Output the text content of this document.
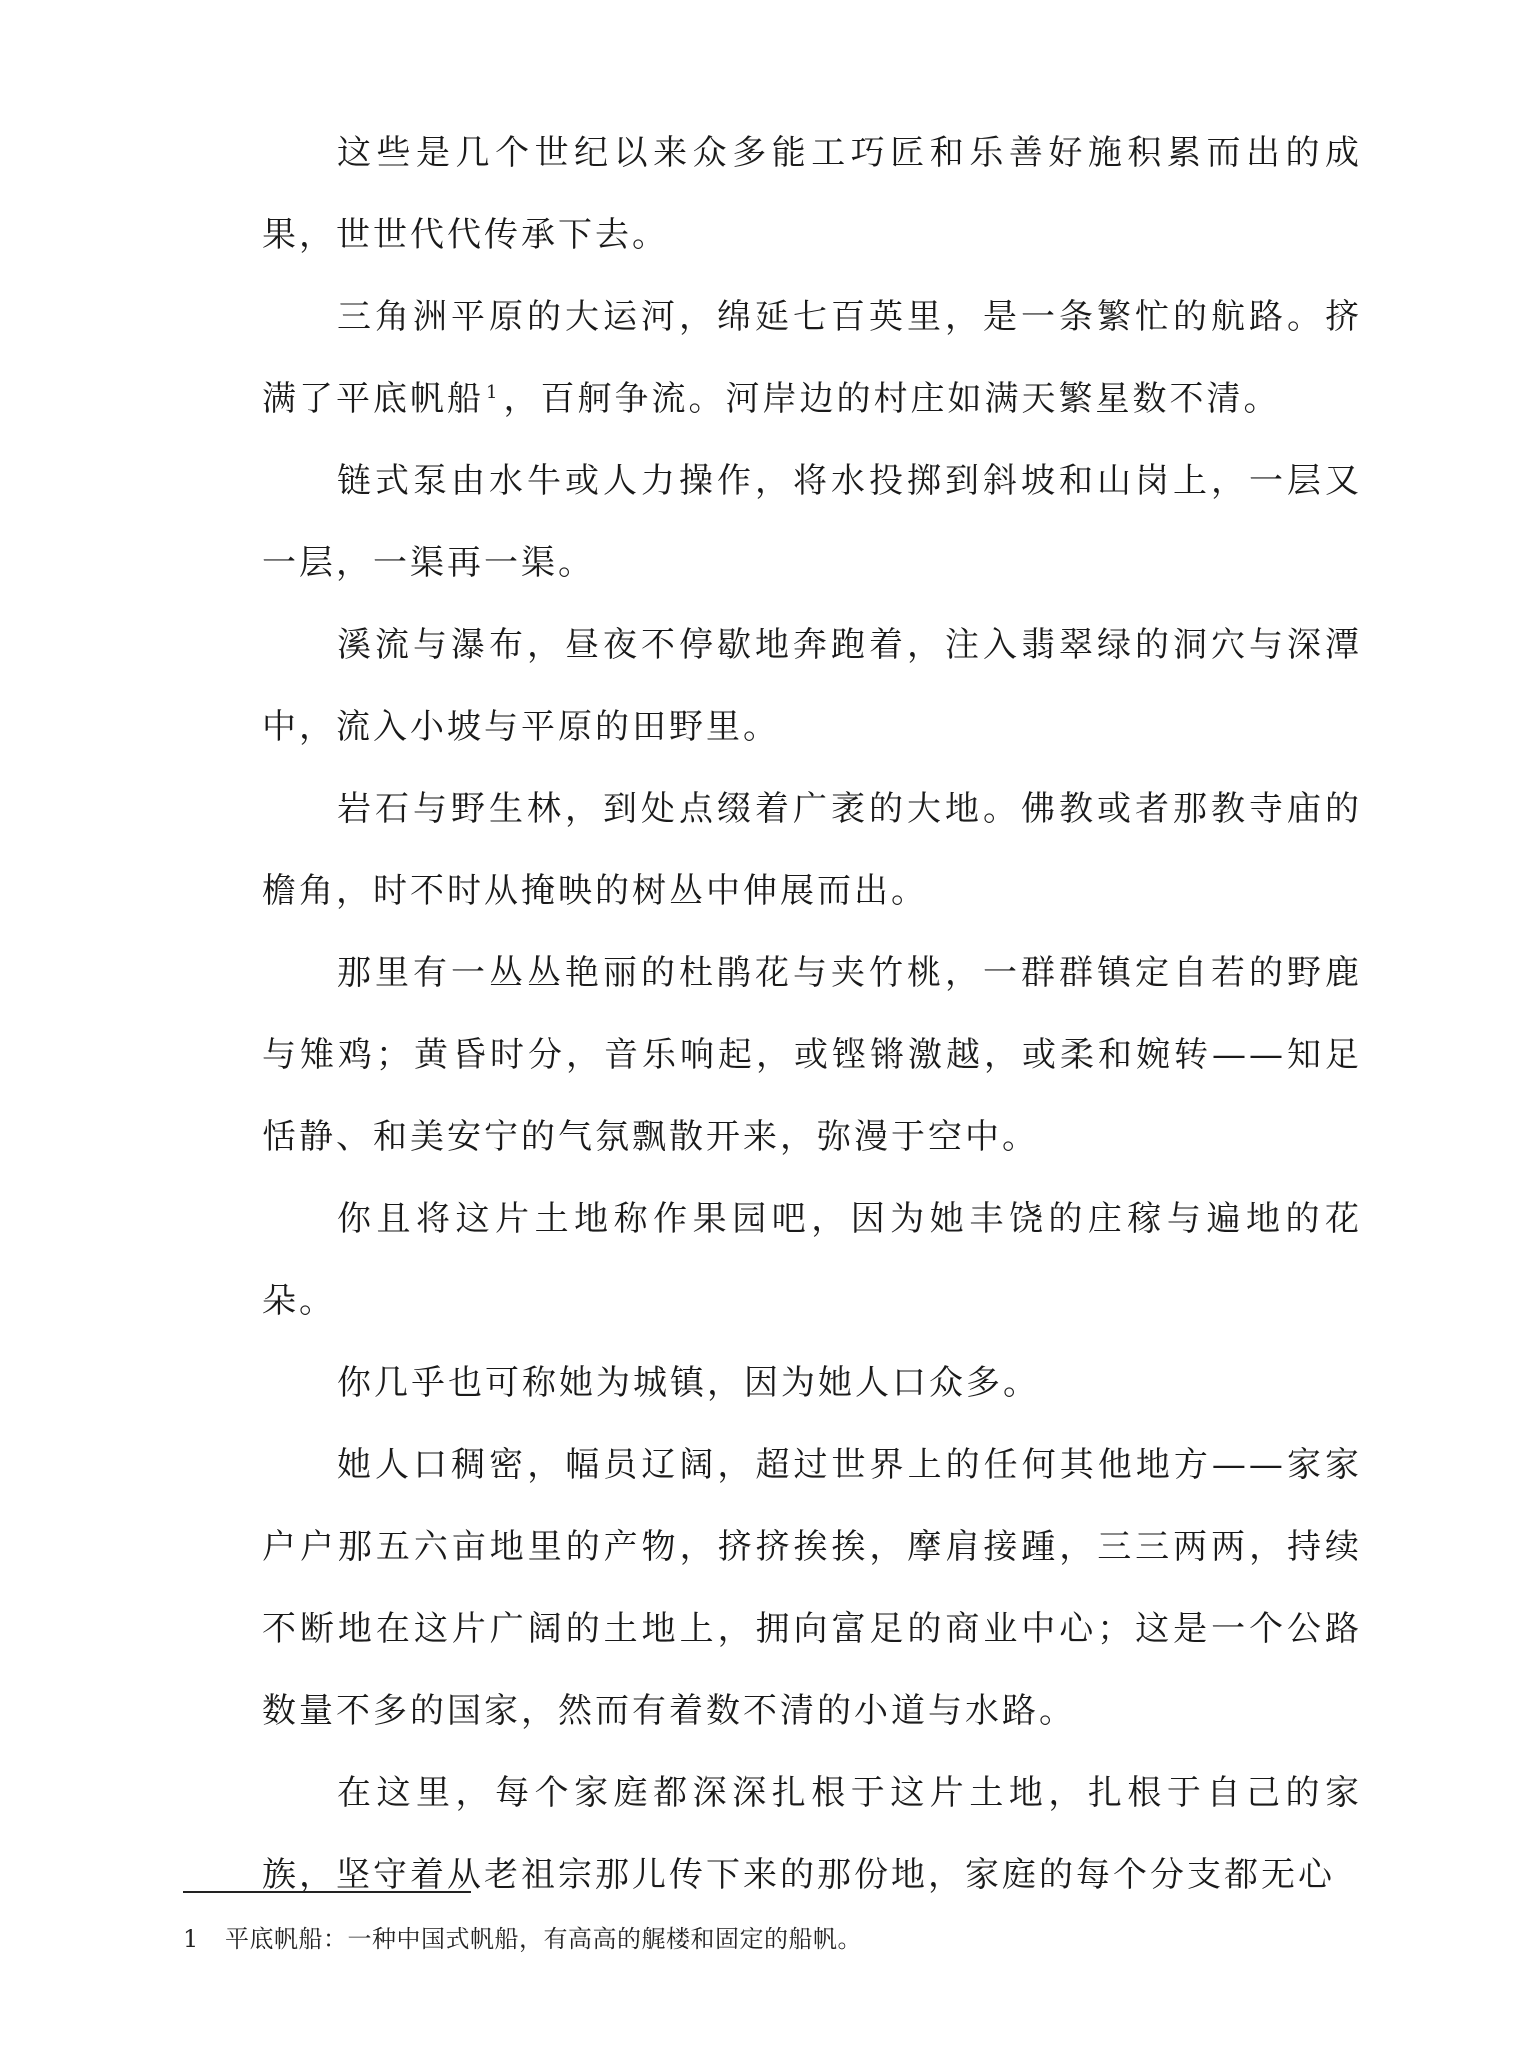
这些是几个世纪以来众多能工巧匠和乐善好施积累而出的成果，世世代代传承下去。

三角洲平原的大运河，绵延七百英里，是一条繁忙的航路。挤满了平底帆船 $^1$ ，百舸争流。河岸边的村庄如满天繁星数不清。

链式泵由水牛或人力操作，将水投掷到斜坡和山岗上，一层又一层，一渠再一渠。

溪流与瀑布，昼夜不停歇地奔跑着，注入翡翠绿的洞穴与深潭中，流入小坡与平原的田野里。

岩石与野生林，到处点缀着广袤的大地。佛教或者那教寺庙的檐角，时不时从掩映的树丛中伸展而出。

那里有一丛丛艳丽的杜鹃花与夹竹桃，一群群镇定自若的野鹿与雉鸡；黄昏时分，音乐响起，或铿锵激越，或柔和婉转——知足恬静、和美安宁的气氛飘散开来，弥漫于空中。

你且将这片土地称作果园吧，因为她丰饶的庄稼与遍地的花朵。

你几乎也可称她为城镇，因为她人口众多。

她人口稠密，幅员辽阔，超过世界上的任何其他地方——家家户户那五六亩地里的产物，挤挤挨挨，摩肩接踵，三三两两，持续不断地在这片广阔的土地上，拥向富足的商业中心；这是一个公路数量不多的国家，然而有着数不清的小道与水路。

在这里，每个家庭都深深扎根于这片土地，扎根于自己的家族，坚守着从老祖宗那儿传下来的那份地，家庭的每个分支都无心

1 平底帆船：一种中国式帆船，有高高的艉楼和固定的船帆。
